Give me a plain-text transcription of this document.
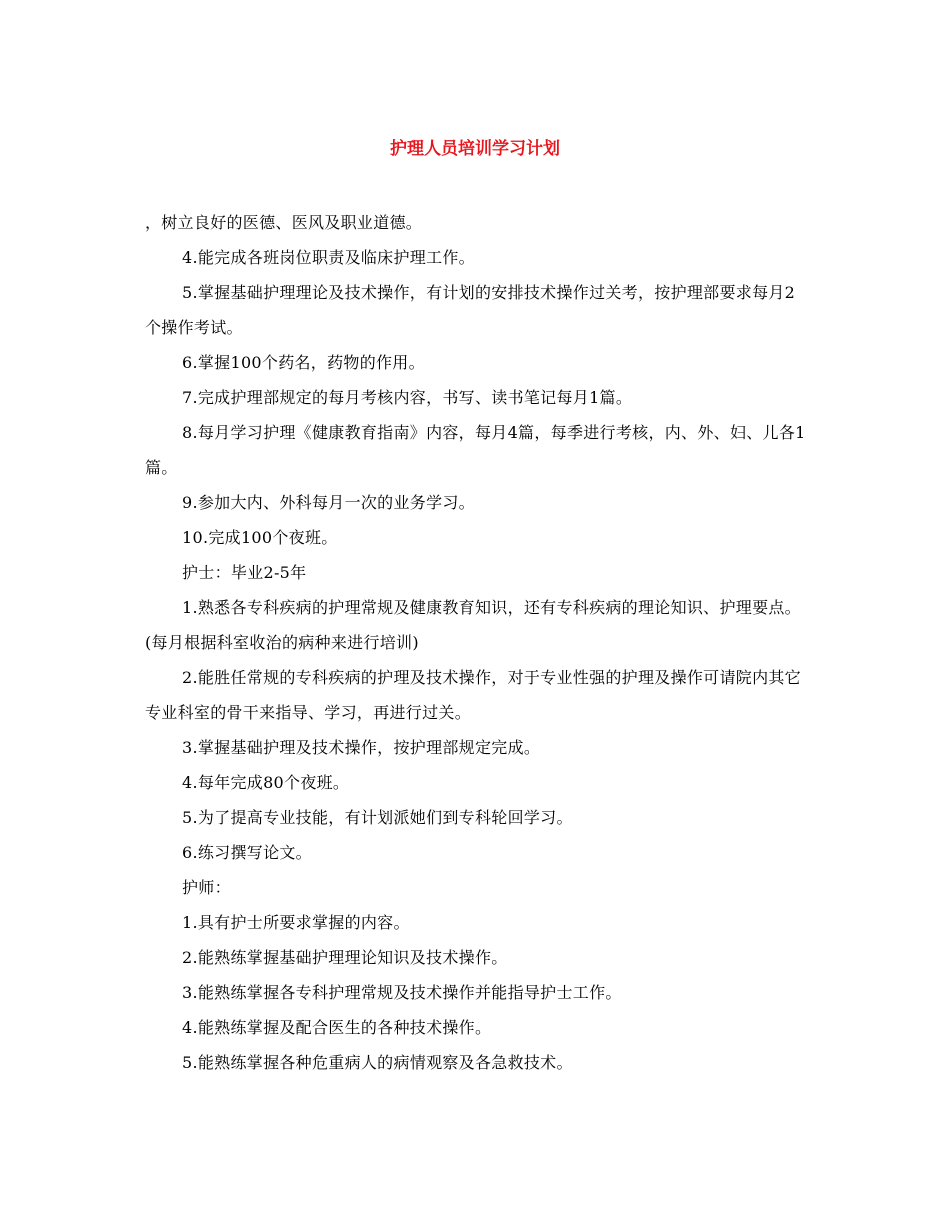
护理人员培训学习计划

，树立良好的医德、医风及职业道德。

4.能完成各班岗位职责及临床护理工作。

5.掌握基础护理理论及技术操作，有计划的安排技术操作过关考，按护理部要求每月2个操作考试。

6.掌握100个药名，药物的作用。

7.完成护理部规定的每月考核内容，书写、读书笔记每月1篇。

8.每月学习护理《健康教育指南》内容，每月4篇，每季进行考核，内、外、妇、儿各1篇。

9.参加大内、外科每月一次的业务学习。

10.完成100个夜班。

护士：毕业2-5年

1.熟悉各专科疾病的护理常规及健康教育知识，还有专科疾病的理论知识、护理要点。(每月根据科室收治的病种来进行培训)

2.能胜任常规的专科疾病的护理及技术操作，对于专业性强的护理及操作可请院内其它专业科室的骨干来指导、学习，再进行过关。

3.掌握基础护理及技术操作，按护理部规定完成。

4.每年完成80个夜班。

5.为了提高专业技能，有计划派她们到专科轮回学习。

6.练习撰写论文。

护师：

1.具有护士所要求掌握的内容。

2.能熟练掌握基础护理理论知识及技术操作。

3.能熟练掌握各专科护理常规及技术操作并能指导护士工作。

4.能熟练掌握及配合医生的各种技术操作。

5.能熟练掌握各种危重病人的病情观察及各急救技术。
